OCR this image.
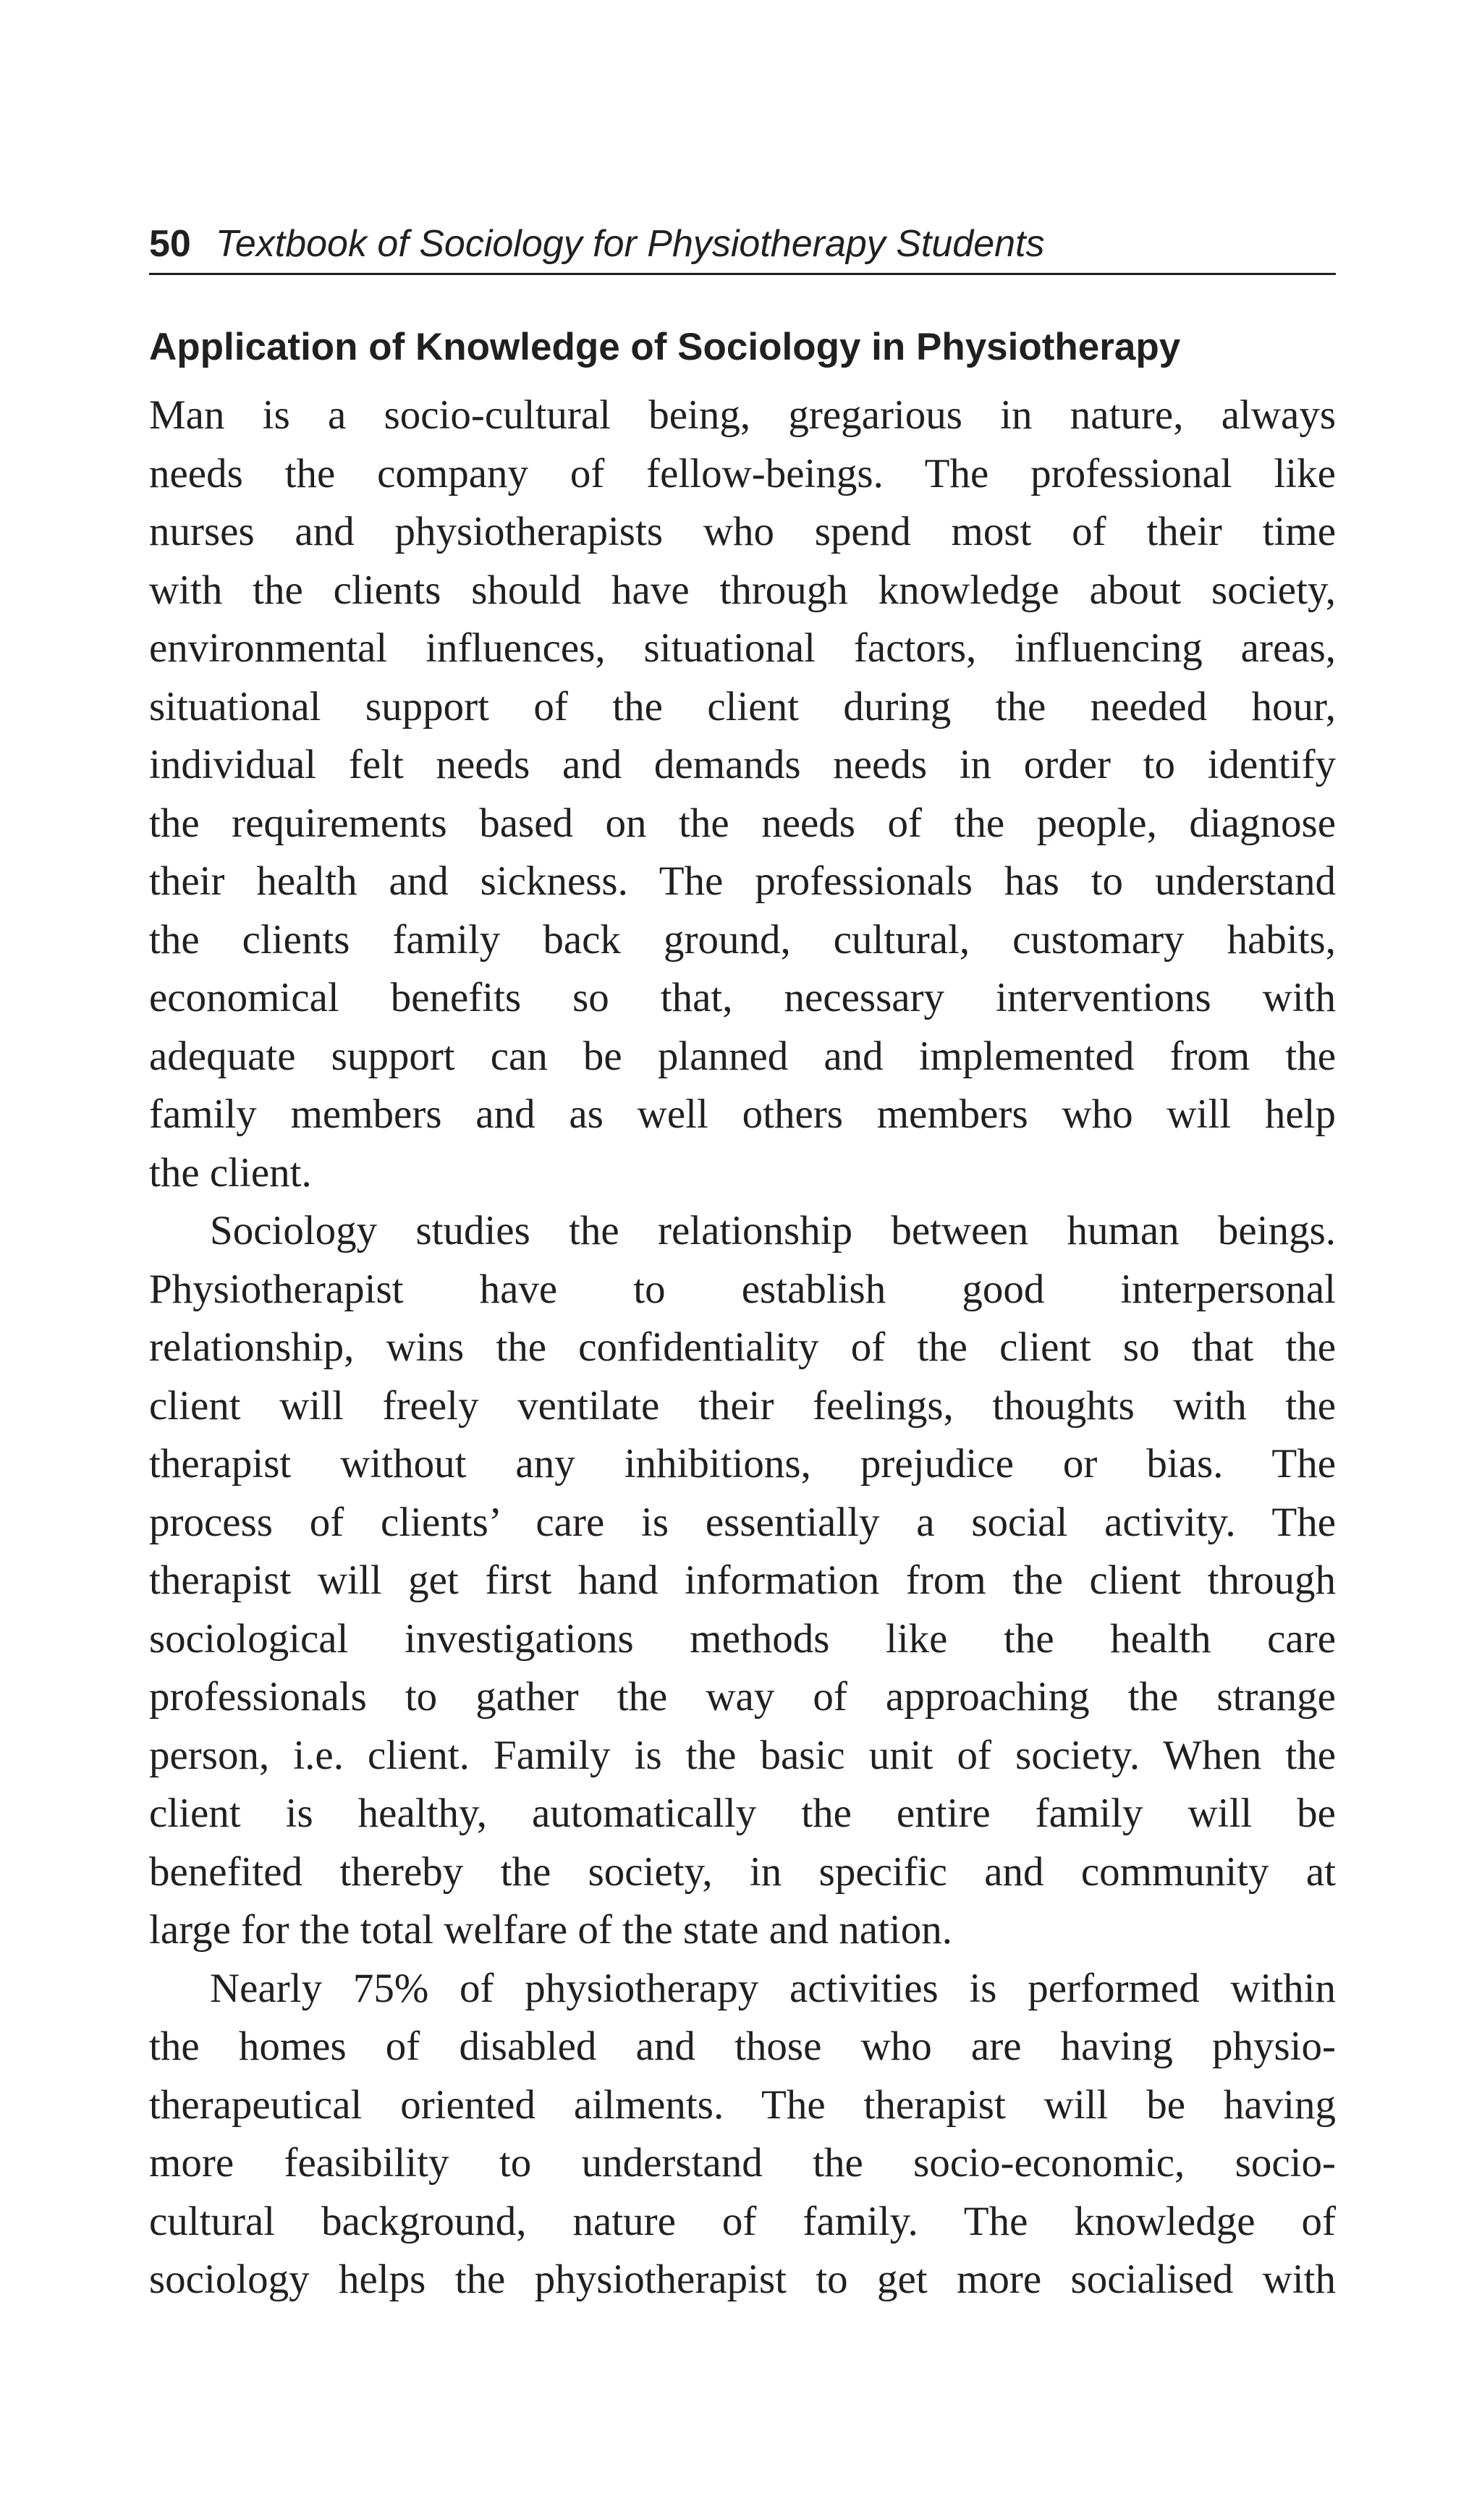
50 Textbook of Sociology for Physiotherapy Students
Application of Knowledge of Sociology in Physiotherapy
Man is a socio-cultural being, gregarious in nature, always
needs the company of fellow-beings. The professional like
nurses and physiotherapists who spend most of their time
with the clients should have through knowledge about society,
environmental influences, situational factors, influencing areas,
situational support of the client during the needed hour,
individual felt needs and demands needs in order to identify
the requirements based on the needs of the people, diagnose
their health and sickness. The professionals has to understand
the clients family back ground, cultural, customary habits,
economical benefits so that, necessary interventions with
adequate support can be planned and implemented from the
family members and as well others members who will help
the client.
Sociology studies the relationship between human beings.
Physiotherapist have to establish good interpersonal
relationship, wins the confidentiality of the client so that the
client will freely ventilate their feelings, thoughts with the
therapist without any inhibitions, prejudice or bias. The
process of clients’ care is essentially a social activity. The
therapist will get first hand information from the client through
sociological investigations methods like the health care
professionals to gather the way of approaching the strange
person, i.e. client. Family is the basic unit of society. When the
client is healthy, automatically the entire family will be
benefited thereby the society, in specific and community at
large for the total welfare of the state and nation.
Nearly 75% of physiotherapy activities is performed within
the homes of disabled and those who are having physio-
therapeutical oriented ailments. The therapist will be having
more feasibility to understand the socio-economic, socio-
cultural background, nature of family. The knowledge of
sociology helps the physiotherapist to get more socialised with
